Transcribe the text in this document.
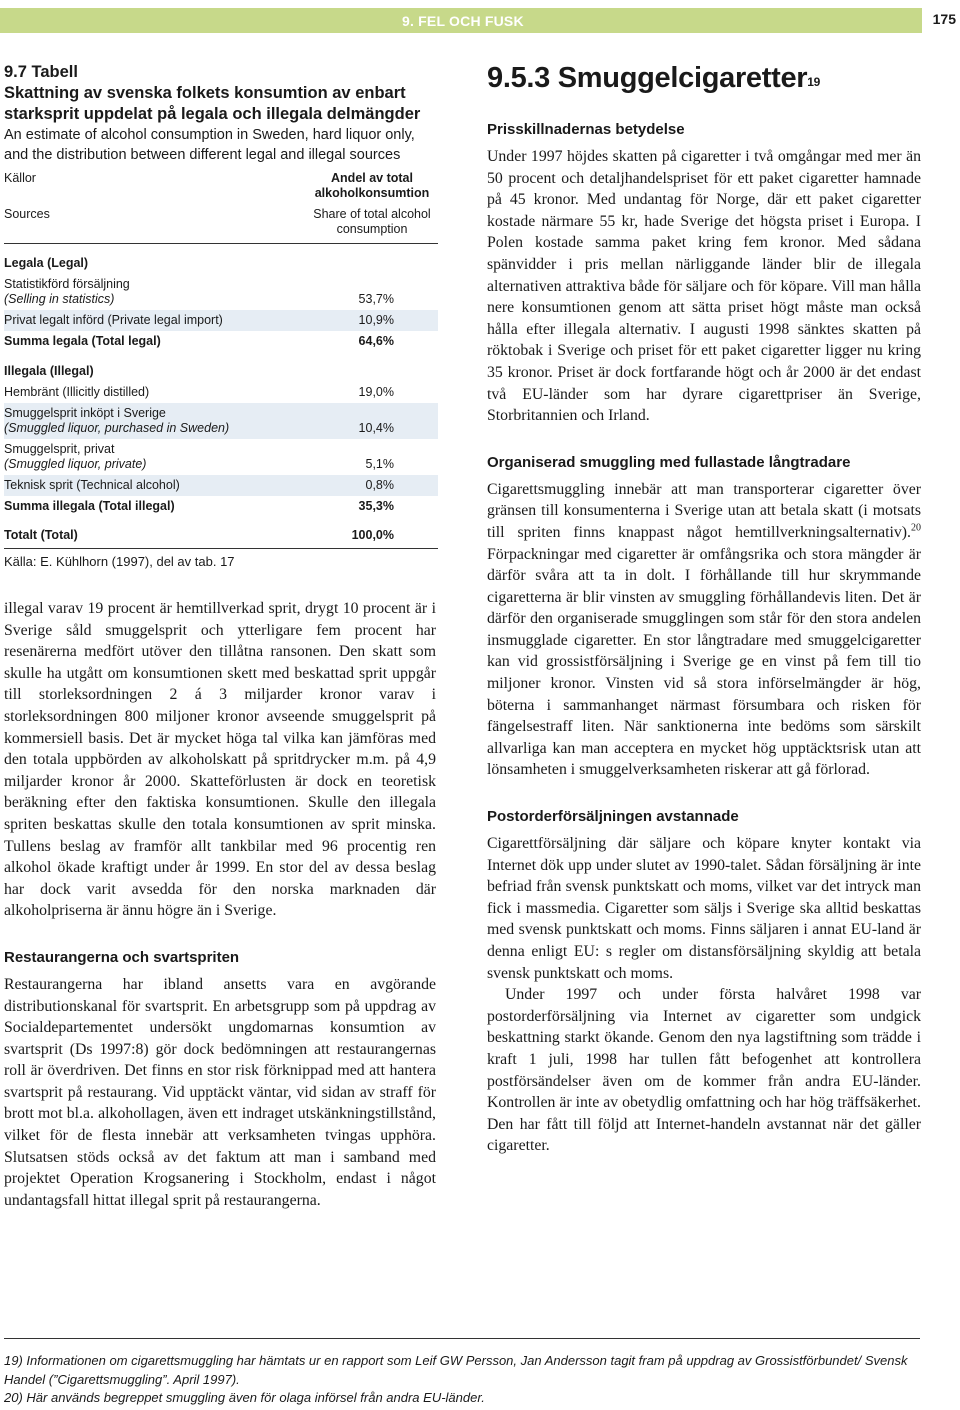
9. FEL OCH FUSK	175
9.7 Tabell
Skattning av svenska folkets konsumtion av enbart starksprit uppdelat på legala och illegala delmängder
An estimate of alcohol consumption in Sweden, hard liquor only, and the distribution between different legal and illegal sources
Källor	Andel av total alkoholkonsumtion
Sources	Share of total alcohol consumption
Legala (Legal)
Statistikförd försäljning
(Selling in statistics)	53,7%
Privat legalt införd (Private legal import)	10,9%
Summa legala (Total legal)	64,6%
Illegala (Illegal)
Hembränt (Illicitly distilled)	19,0%
Smuggelsprit inköpt i Sverige
(Smuggled liquor, purchased in Sweden)	10,4%
Smuggelsprit, privat
(Smuggled liquor, private)	5,1%
Teknisk sprit (Technical alcohol)	0,8%
Summa illegala (Total illegal)	35,3%
Totalt (Total)	100,0%
Källa: E. Kühlhorn (1997), del av tab. 17

illegal varav 19 procent är hemtillverkad sprit, drygt 10 procent är i Sverige såld smuggelsprit och ytterligare fem procent har resenärerna medfört utöver den tillåtna ransonen. Den skatt som skulle ha utgått om konsumtionen skett med beskattad sprit uppgår till storleksordningen 2 á 3 miljarder kronor varav i storleksordningen 800 miljoner kronor avseende smuggelsprit på kommersiell basis. Det är mycket höga tal vilka kan jämföras med den totala uppbörden av alkoholskatt på spritdrycker m.m. på 4,9 miljarder kronor år 2000. Skatteförlusten är dock en teoretisk beräkning efter den faktiska konsumtionen. Skulle den illegala spriten beskattas skulle den totala konsumtionen av sprit minska. Tullens beslag av framför allt tankbilar med 96 procentig ren alkohol ökade kraftigt under år 1999. En stor del av dessa beslag har dock varit avsedda för den norska marknaden där alkoholpriserna är ännu högre än i Sverige.

Restaurangerna och svartspriten

Restaurangerna har ibland ansetts vara en avgörande distributionskanal för svartsprit. En arbetsgrupp som på uppdrag av Socialdepartementet undersökt ungdomarnas konsumtion av svartsprit (Ds 1997:8) gör dock bedömningen att restaurangernas roll är överdriven. Det finns en stor risk förknippad med att hantera svartsprit på restaurang. Vid upptäckt väntar, vid sidan av straff för brott mot bl.a. alkohollagen, även ett indraget utskänkningstillstånd, vilket för de flesta innebär att verksamheten tvingas upphöra. Slutsatsen stöds också av det faktum att man i samband med projektet Operation Krogsanering i Stockholm, endast i något undantagsfall hittat illegal sprit på restaurangerna.

9.5.3 Smuggelcigaretter$^{19}$
Prisskillnadernas betydelse

Under 1997 höjdes skatten på cigaretter i två omgångar med mer än 50 procent och detaljhandelspriset för ett paket cigaretter hamnade på 45 kronor. Med undantag för Norge, där ett paket cigaretter kostade närmare 55 kr, hade Sverige det högsta priset i Europa. I Polen kostade samma paket kring fem kronor. Med sådana spänvidder i pris mellan närliggande länder blir de illegala alternativen attraktiva både för säljare och för köpare. Vill man hålla nere konsumtionen genom att sätta priset högt måste man också hålla efter illegala alternativ. I augusti 1998 sänktes skatten på röktobak i Sverige och priset för ett paket cigaretter ligger nu kring 35 kronor. Priset är dock fortfarande högt och år 2000 är det endast två EU-länder som har dyrare cigarettpriser än Sverige, Storbritannien och Irland.

Organiserad smuggling med fullastade långtradare

Cigarettsmuggling innebär att man transporterar cigaretter över gränsen till konsumenterna i Sverige utan att betala skatt (i motsats till spriten finns knappast något hemtillverkningsalternativ).$^{20}$ Förpackningar med cigaretter är omfångsrika och stora mängder är därför svåra att ta in dolt. I förhållande till hur skrymmande cigaretterna är blir vinsten av smuggling förhållandevis liten. Det är därför den organiserade smugglingen som står för den stora andelen insmugglade cigaretter. En stor långtradare med smuggelcigaretter kan vid grossistförsäljning i Sverige ge en vinst på fem till tio miljoner kronor. Vinsten vid så stora införselmängder är hög, böterna i sammanhanget närmast försumbara och risken för fängelsestraff liten. När sanktionerna inte bedöms som särskilt allvarliga kan man acceptera en mycket hög upptäcktsrisk utan att lönsamheten i smuggelverksamheten riskerar att gå förlorad.

Postorderförsäljningen avstannade

Cigarettförsäljning där säljare och köpare knyter kontakt via Internet dök upp under slutet av 1990-talet. Sådan försäljning är inte befriad från svensk punktskatt och moms, vilket var det intryck man fick i massmedia. Cigaretter som säljs i Sverige ska alltid beskattas med svensk punktskatt och moms. Finns säljaren i annat EU-land är denna enligt EU: s regler om distansförsäljning skyldig att betala svensk punktskatt och moms.

Under 1997 och under första halvåret 1998 var postorderförsäljning via Internet av cigaretter som undgick beskattning starkt ökande. Genom den nya lagstiftning som trädde i kraft 1 juli, 1998 har tullen fått befogenhet att kontrollera postförsändelser även om de kommer från andra EU-länder. Kontrollen är inte av obetydlig omfattning och har hög träffsäkerhet. Den har fått till följd att Internet-handeln avstannat när det gäller cigaretter.

19) Informationen om cigarettsmuggling har hämtats ur en rapport som Leif GW Persson, Jan Andersson tagit fram på uppdrag av Grossistförbundet/ Svensk Handel (”Cigarettsmuggling”. April 1997).
20) Här används begreppet smuggling även för olaga införsel från andra EU-länder.
